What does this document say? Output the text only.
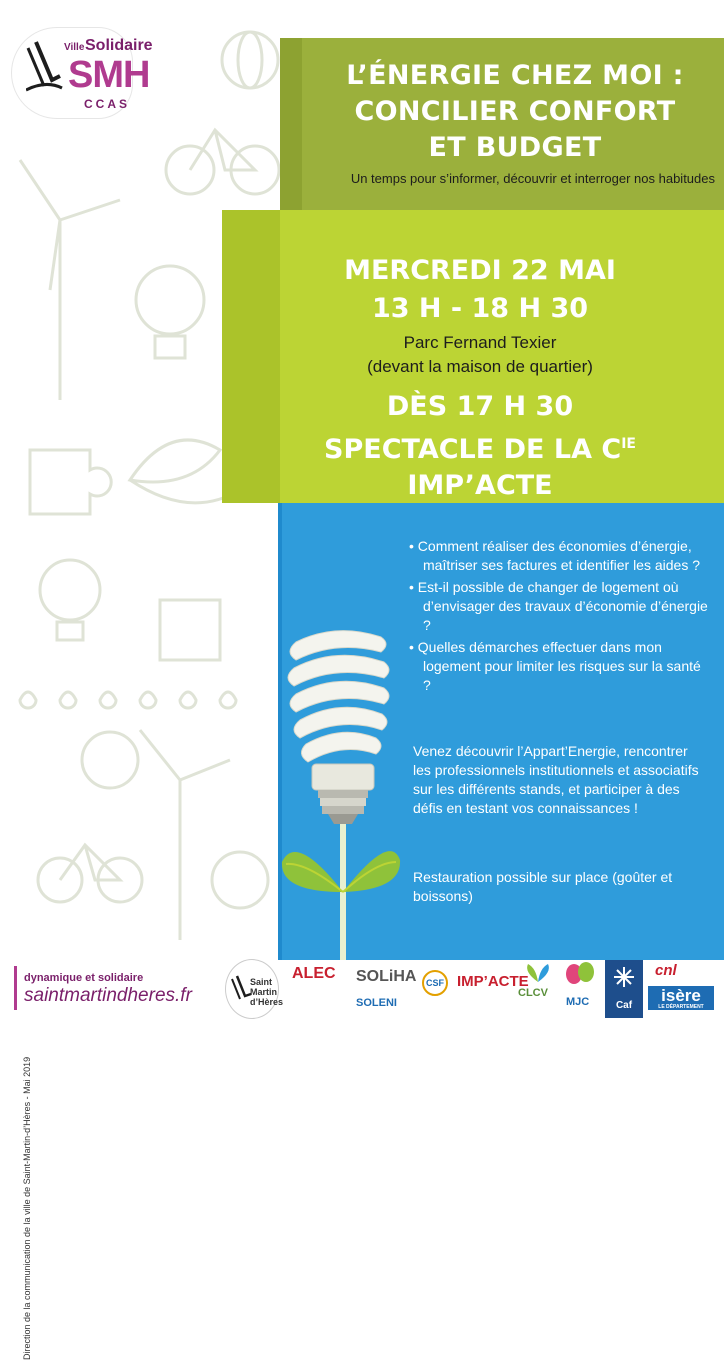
Ville Solidaire
SMH
CCAS
L’ÉNERGIE CHEZ MOI :
CONCILIER CONFORT
ET BUDGET
Un temps pour s’informer, découvrir et interroger nos habitudes
MERCREDI 22 MAI
13 H - 18 H 30
Parc Fernand Texier
(devant la maison de quartier)
DÈS 17 H 30
SPECTACLE DE LA $C^{IE}$ IMP’ACTE
• Comment réaliser des économies d’énergie, maîtriser ses factures et identifier les aides ?
• Est-il possible de changer de logement où d’envisager des travaux d’économie d’énergie ?
• Quelles démarches effectuer dans mon logement pour limiter les risques sur la santé ?

Venez découvrir l’Appart’Energie, rencontrer les professionnels institutionnels et associatifs sur les différents stands, et participer à des défis en testant vos connaissances !

Restauration possible sur place (goûter et boissons)

Direction de la communication de la ville de Saint-Martin-d’Hères - Mai 2019
dynamique et solidaire
saintmartindheres.fr
Saint Martin d’Hères
ALEC SOLiHA
SOLENI
CSF IMP’ACTE
CLCV
MJC	Caf
cnl
isère
LE DÉPARTEMENT
